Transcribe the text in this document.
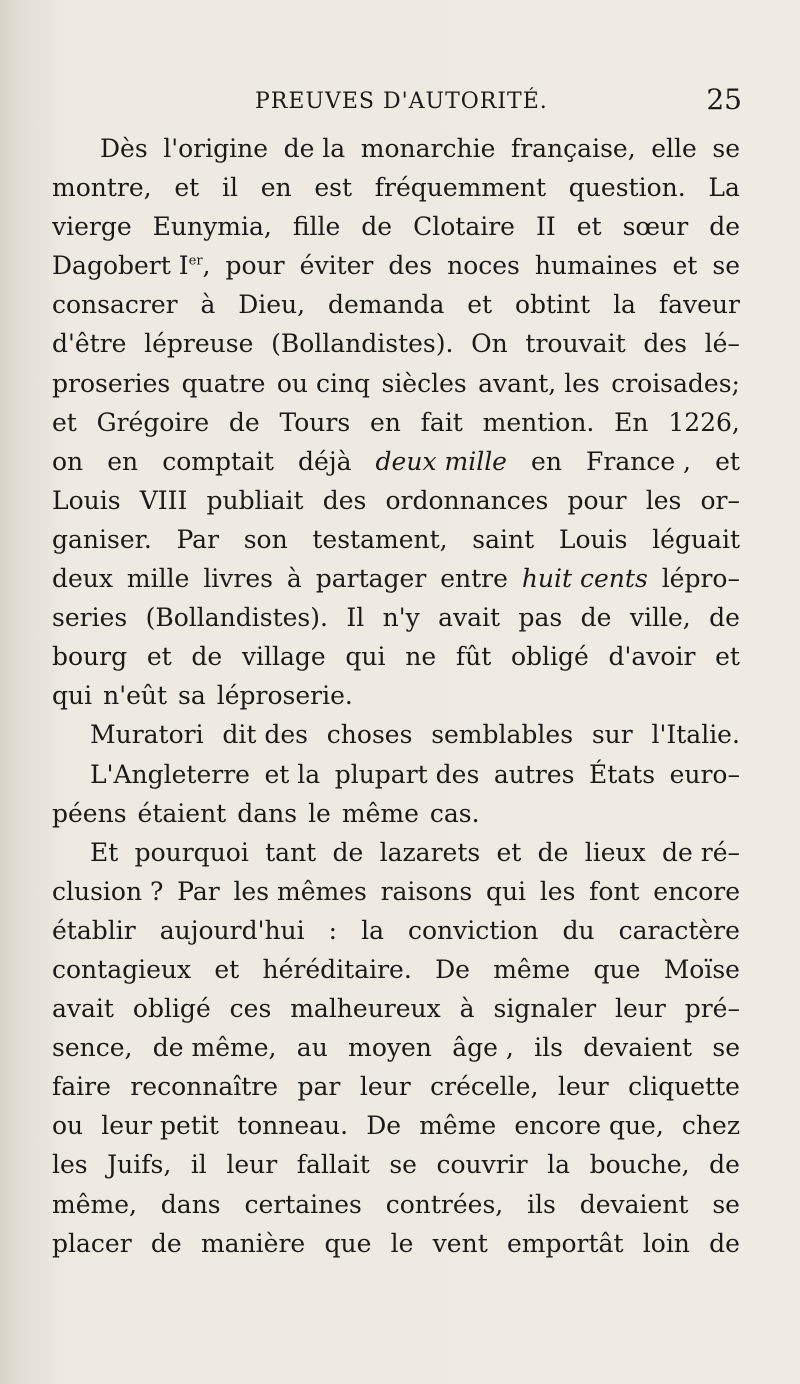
PREUVES D'AUTORITÉ.	25
Dès l'origine de la monarchie française, elle se
montre, et il en est fréquemment question. La
vierge Eunymia, fille de Clotaire II et sœur de
Dagobert Ier, pour éviter des noces humaines et se
consacrer à Dieu, demanda et obtint la faveur
d'être lépreuse (Bollandistes). On trouvait des lé–
proseries quatre ou cinq siècles avant, les croisades;
et Grégoire de Tours en fait mention. En 1226,
on en comptait déjà deux mille en France , et
Louis VIII publiait des ordonnances pour les or–
ganiser. Par son testament, saint Louis léguait
deux mille livres à partager entre huit cents lépro–
series (Bollandistes). Il n'y avait pas de ville, de
bourg et de village qui ne fût obligé d'avoir et
qui n'eût sa léproserie.
Muratori dit des choses semblables sur l'Italie.
L'Angleterre et la plupart des autres États euro–
péens étaient dans le même cas.
Et pourquoi tant de lazarets et de lieux de ré–
clusion ? Par les mêmes raisons qui les font encore
établir aujourd'hui : la conviction du caractère
contagieux et héréditaire. De même que Moïse
avait obligé ces malheureux à signaler leur pré–
sence, de même, au moyen âge , ils devaient se
faire reconnaître par leur crécelle, leur cliquette
ou leur petit tonneau. De même encore que, chez
les Juifs, il leur fallait se couvrir la bouche, de
même, dans certaines contrées, ils devaient se
placer de manière que le vent emportât loin de
